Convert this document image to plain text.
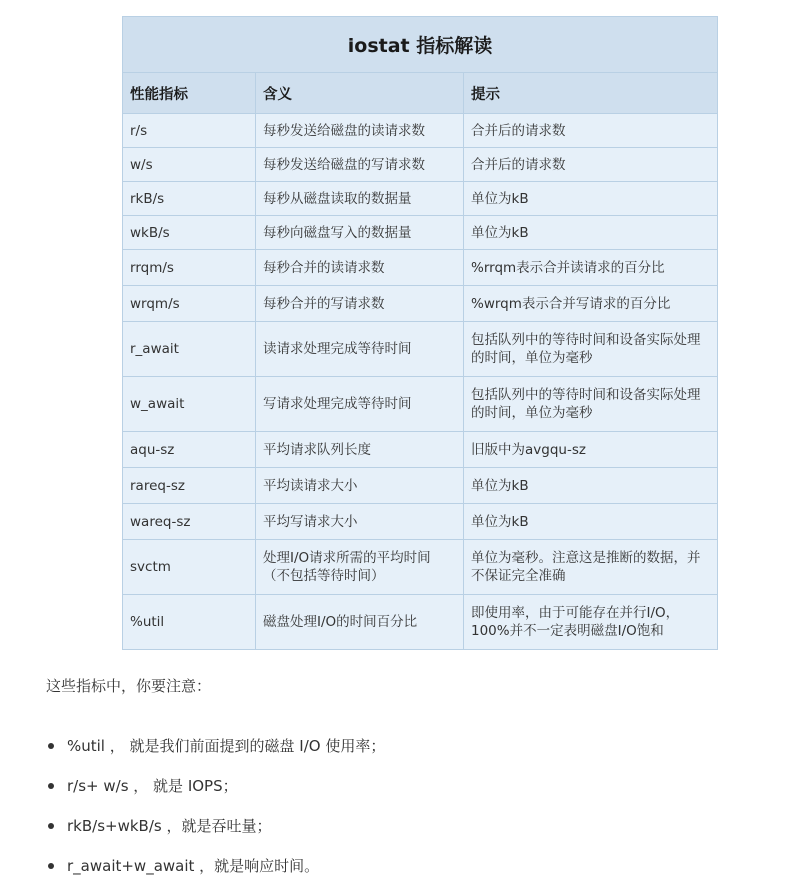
iostat 指标解读		
性能指标	含义	提示
r/s	每秒发送给磁盘的读请求数	合并后的请求数
w/s	每秒发送给磁盘的写请求数	合并后的请求数
rkB/s	每秒从磁盘读取的数据量	单位为kB
wkB/s	每秒向磁盘写入的数据量	单位为kB
rrqm/s	每秒合并的读请求数	%rrqm表示合并读请求的百分比
wrqm/s	每秒合并的写请求数	%wrqm表示合并写请求的百分比
r_await	读请求处理完成等待时间	包括队列中的等待时间和设备实际处理的时间，单位为毫秒
w_await	写请求处理完成等待时间	包括队列中的等待时间和设备实际处理的时间，单位为毫秒
aqu-sz	平均请求队列长度	旧版中为avgqu-sz
rareq-sz	平均读请求大小	单位为kB
wareq-sz	平均写请求大小	单位为kB
svctm	处理I/O请求所需的平均时间（不包括等待时间）	单位为毫秒。注意这是推断的数据，并不保证完全准确
%util	磁盘处理I/O的时间百分比	即使用率，由于可能存在并行I/O，100%并不一定表明磁盘I/O饱和

这些指标中，你要注意：

%util ， 就是我们前面提到的磁盘 I/O 使用率；
r/s+ w/s ， 就是 IOPS；
rkB/s+wkB/s ，就是吞吐量；
r_await+w_await ，就是响应时间。
